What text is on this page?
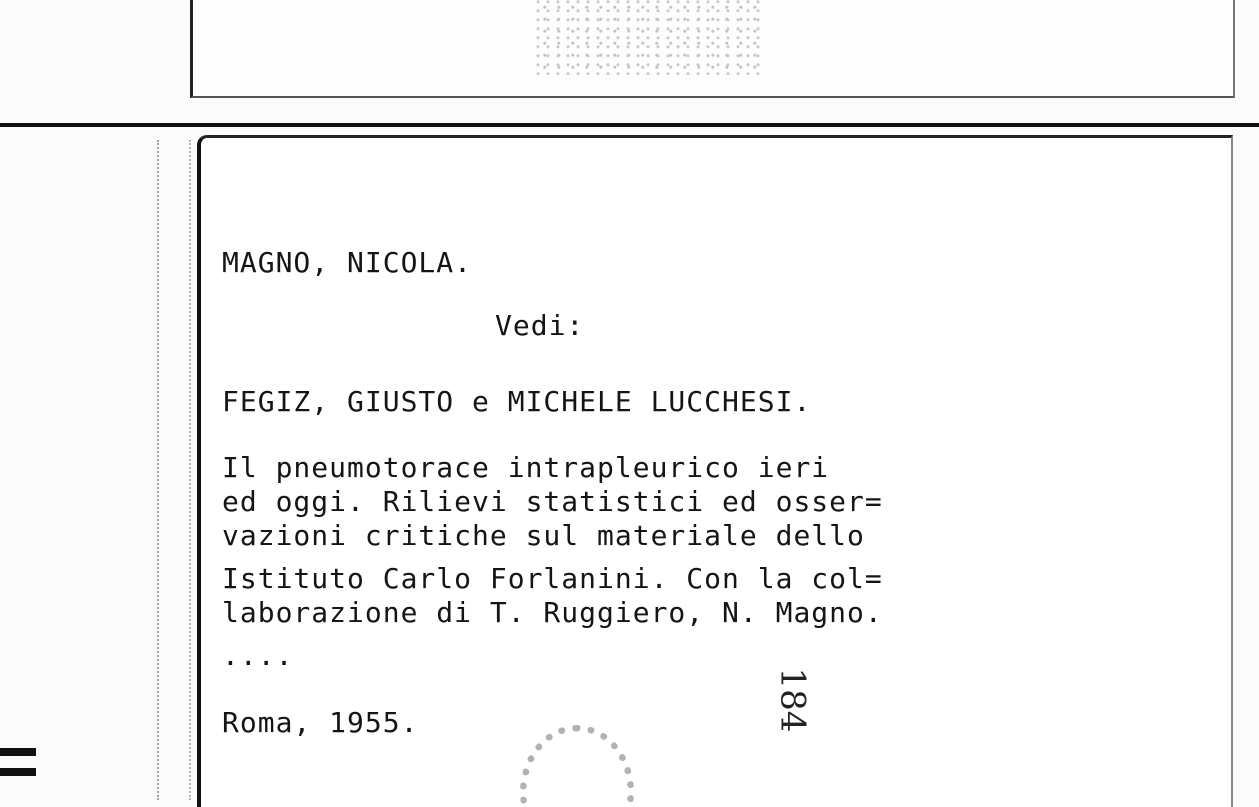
MAGNO, NICOLA.
Vedi:
FEGIZ, GIUSTO e MICHELE LUCCHESI.
Il pneumotorace intrapleurico ieri
ed oggi. Rilievi statistici ed osser=
vazioni critiche sul materiale dello
Istituto Carlo Forlanini. Con la col=
laborazione di T. Ruggiero, N. Magno.
....
Roma, 1955.	184
